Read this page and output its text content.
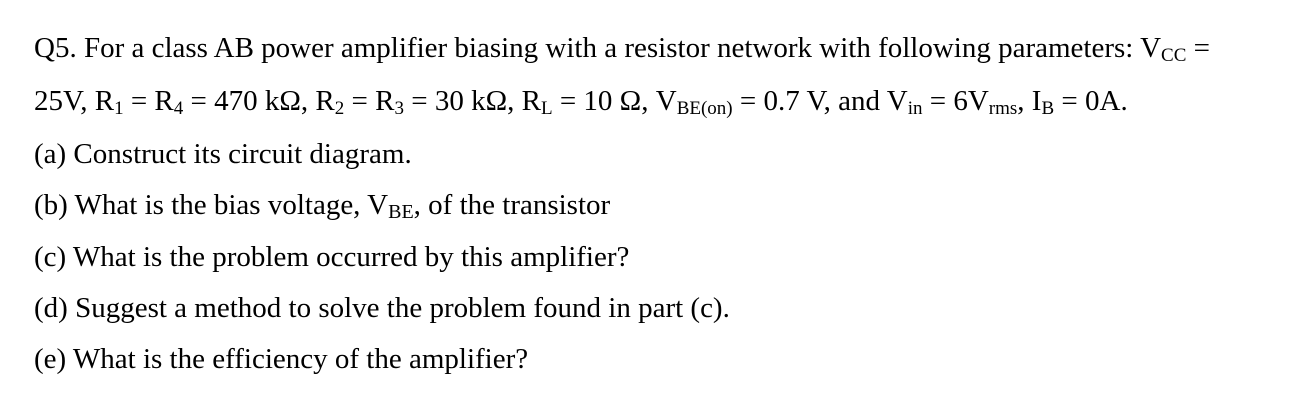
Q5. For a class AB power amplifier biasing with a resistor network with following parameters: $V_{CC}$ =
25V, $R_1 = R_4 = 470$ kΩ, $R_2 = R_3 = 30$ kΩ, $R_L = 10$ Ω, $V_{BE(on)} = 0.7$ V, and $V_{in} = 6V_{rms}$, $I_B = 0A$.
(a) Construct its circuit diagram.
(b) What is the bias voltage, VBE, of the transistor
(c) What is the problem occurred by this amplifier?
(d) Suggest a method to solve the problem found in part (c).
(e) What is the efficiency of the amplifier?
